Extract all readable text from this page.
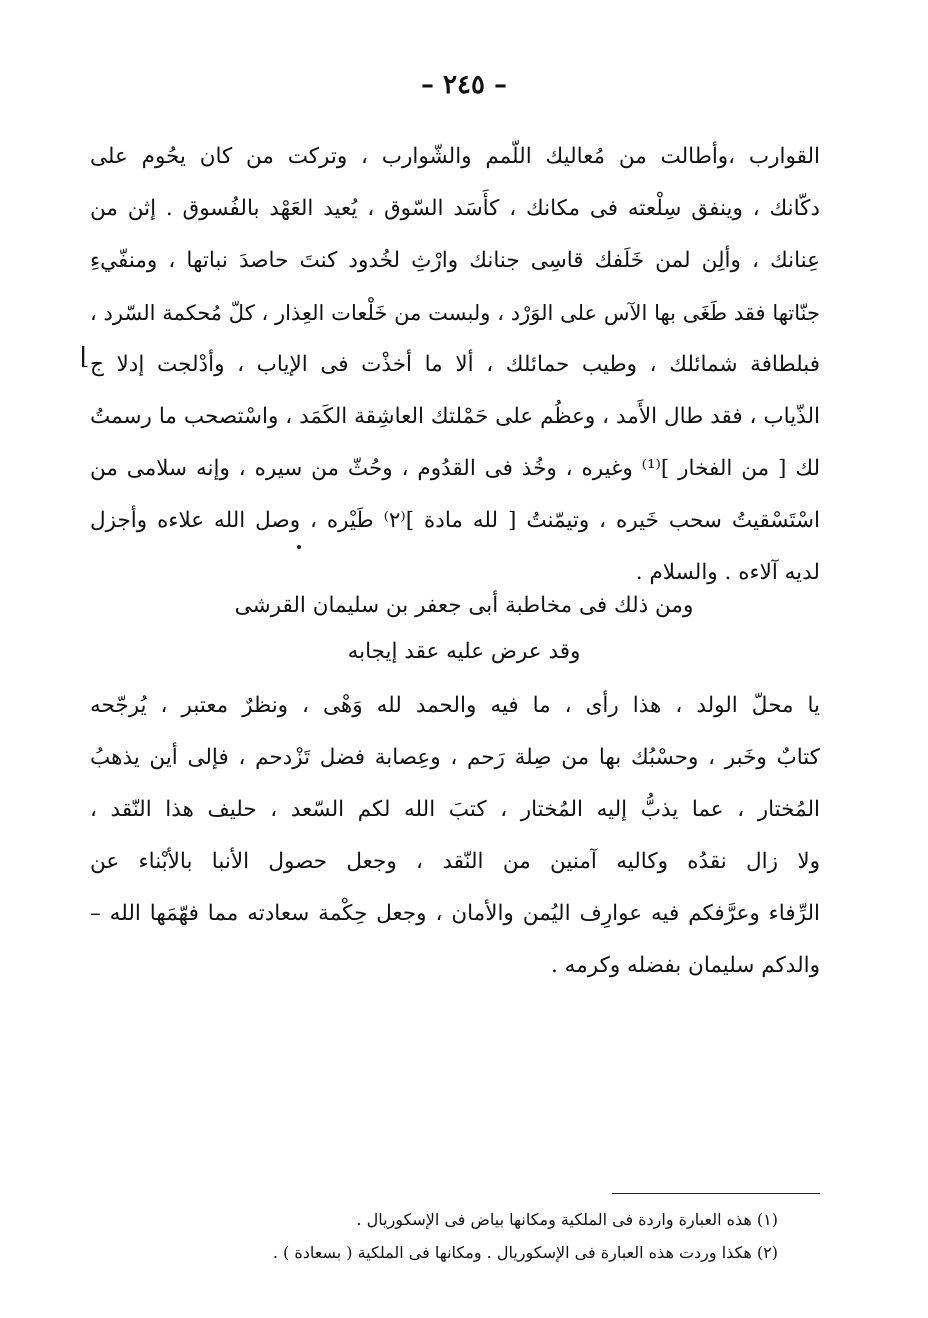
– ٢٤٥ –
⌊
القوارب ،وأطالت من مُعاليك اللّمم والشّوارب ، وتركت من كان يحُوم على
دكّانك ، وينفق سِلْعته فى مكانك ، كأَسَد السّوق ، يُعيد العَهْد بالفُسوق . إثن من
عِنانك ، وألِن لمن خَلَفك قاسِى جنانك وارْثِ لخُدود كنتَ حاصدَ نباتها ، ومنفّيءِ
جنّاتها فقد طَغَى بها الآس على الوَرْد ، ولبست من خَلْعات العِذار ، كلّ مُحكمة السّرد ،
فبلطافة شمائلك ، وطيب حمائلك ، ألا ما أخذْت فى الإياب ، وأدْلجت إدلا ج
الذّياب ، فقد طال الأَمد ، وعظُم على حَمْلتك العاشِقة الكَمَد ، واسْتصحب ما رسمتُ
لك [ من الفخار ]⁽¹⁾ وغيره ، وخُذ فى القدُوم ، وحُثّ من سيره ، وإنه سلامى من
اسْتَسْقيتُ سحب خَيره ، وتيمّنتُ [ لله مادة ]⁽٢⁾ طَيْره ، وصل الله علاءه وأجزل
لديه آلاءه . والسلام .
ومن ذلك فى مخاطبة أبى جعفر بن سليمان القرشى
وقد عرض عليه عقد إيجابه
يا محلّ الولد ، هذا رأى ، ما فيه والحمد لله وَهْى ، ونظرٌ معتبر ، يُرجّحه
كتابٌ وخَبر ، وحسْبُك بها من صِلة رَحم ، وعِصابة فضل تَزْدحم ، فإلى أين يذهبُ
المُختار ، عما يذبُّ إليه المُختار ، كتبَ الله لكم السّعد ، حليف هذا النّقد ،
ولا زال نقدُه وكاليه آمنين من النّقد ، وجعل حصول الأنبا بالأبْناء عن
الرِّفاء وعرَّفكم فيه عوارِف اليُمن والأمان ، وجعل حِكْمة سعادته مما فهّمَها الله –
والدكم سليمان بفضله وكرمه .
(١) هذه العبارة واردة فى الملكية ومكانها بياض فى الإسكوريال .
(٢) هكذا وردت هذه العبارة فى الإسكوريال . ومكانها فى الملكية ( بسعادة ) .
